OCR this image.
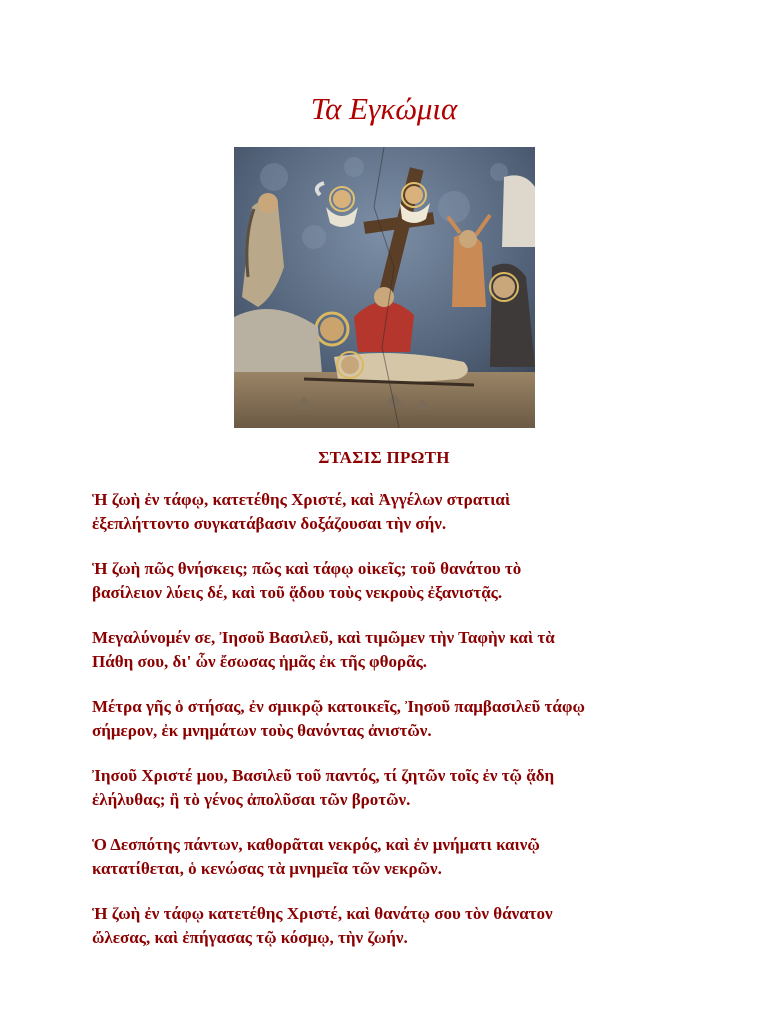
Τα Εγκώμια
ΣΤΑΣΙΣ ΠΡΩΤΗ

Ἡ ζωὴ ἐν τάφῳ, κατετέθης Χριστέ, καὶ Ἀγγέλων στρατιαὶ
ἐξεπλήττοντο συγκατάβασιν δοξάζουσαι τὴν σήν.

Ἡ ζωὴ πῶς θνήσκεις; πῶς καὶ τάφῳ οἰκεῖς; τοῦ θανάτου τὸ
βασίλειον λύεις δέ, καὶ τοῦ ᾅδου τοὺς νεκροὺς ἐξανιστᾷς.

Μεγαλύνομέν σε, Ἰησοῦ Βασιλεῦ, καὶ τιμῶμεν τὴν Ταφὴν καὶ τὰ
Πάθη σου, δι' ὧν ἔσωσας ἡμᾶς ἐκ τῆς φθορᾶς.

Μέτρα γῆς ὁ στήσας, ἐν σμικρῷ κατοικεῖς, Ἰησοῦ παμβασιλεῦ τάφῳ
σήμερον, ἐκ μνημάτων τοὺς θανόντας ἀνιστῶν.

Ἰησοῦ Χριστέ μου, Βασιλεῦ τοῦ παντός, τί ζητῶν τοῖς ἐν τῷ ᾅδη
ἐλήλυθας; ἢ τὸ γένος ἀπολῦσαι τῶν βροτῶν.

Ὁ Δεσπότης πάντων, καθορᾶται νεκρός, καὶ ἐν μνήματι καινῷ
κατατίθεται, ὁ κενώσας τὰ μνημεῖα τῶν νεκρῶν.

Ἡ ζωὴ ἐν τάφῳ κατετέθης Χριστέ, καὶ θανάτῳ σου τὸν θάνατον
ὤλεσας, καὶ ἐπήγασας τῷ κόσμῳ, τὴν ζωήν.
